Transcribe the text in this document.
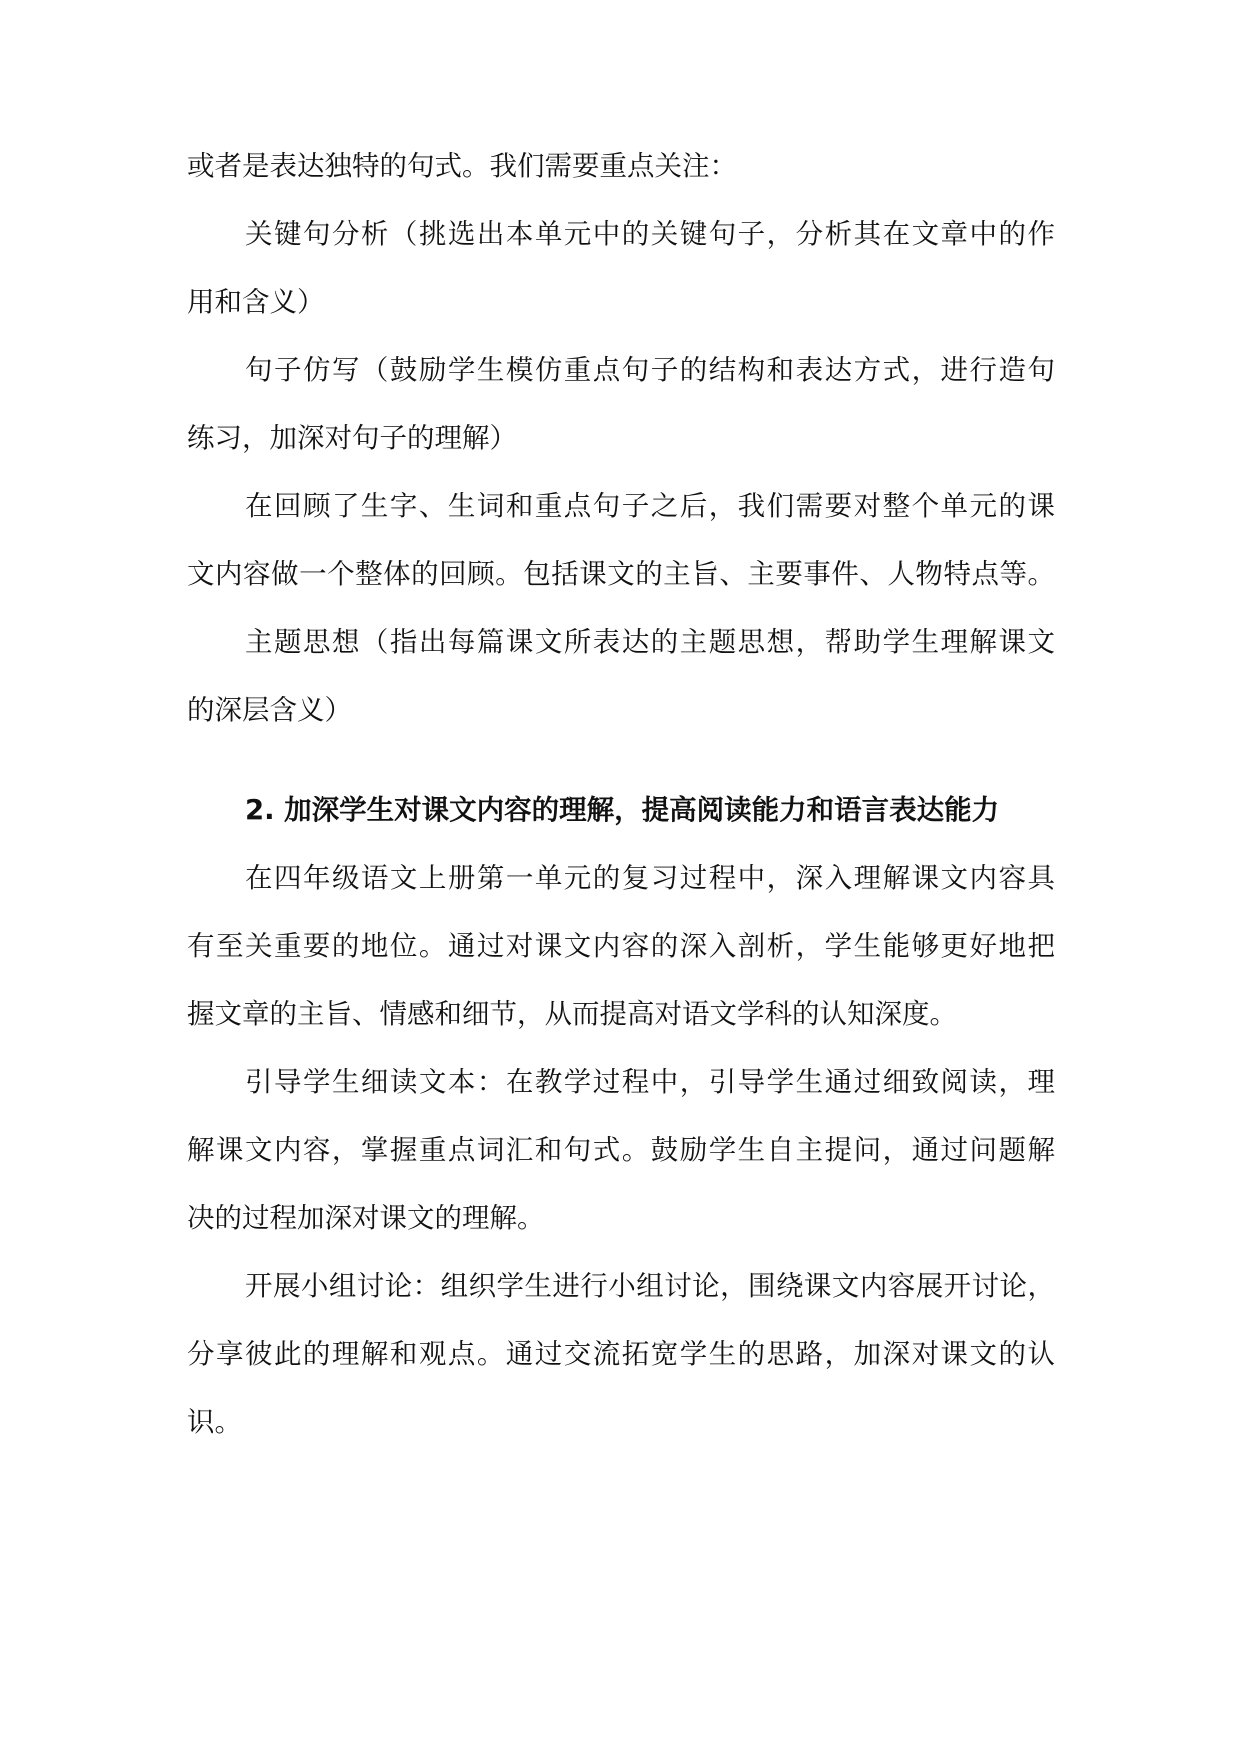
或者是表达独特的句式。我们需要重点关注：

关键句分析（挑选出本单元中的关键句子，分析其在文章中的作

用和含义）

句子仿写（鼓励学生模仿重点句子的结构和表达方式，进行造句

练习，加深对句子的理解）

在回顾了生字、生词和重点句子之后，我们需要对整个单元的课

文内容做一个整体的回顾。包括课文的主旨、主要事件、人物特点等。

主题思想（指出每篇课文所表达的主题思想，帮助学生理解课文

的深层含义）

2. 加深学生对课文内容的理解，提高阅读能力和语言表达能力

在四年级语文上册第一单元的复习过程中，深入理解课文内容具

有至关重要的地位。通过对课文内容的深入剖析，学生能够更好地把

握文章的主旨、情感和细节，从而提高对语文学科的认知深度。

引导学生细读文本：在教学过程中，引导学生通过细致阅读，理

解课文内容，掌握重点词汇和句式。鼓励学生自主提问，通过问题解

决的过程加深对课文的理解。

开展小组讨论：组织学生进行小组讨论，围绕课文内容展开讨论，

分享彼此的理解和观点。通过交流拓宽学生的思路，加深对课文的认

识。
